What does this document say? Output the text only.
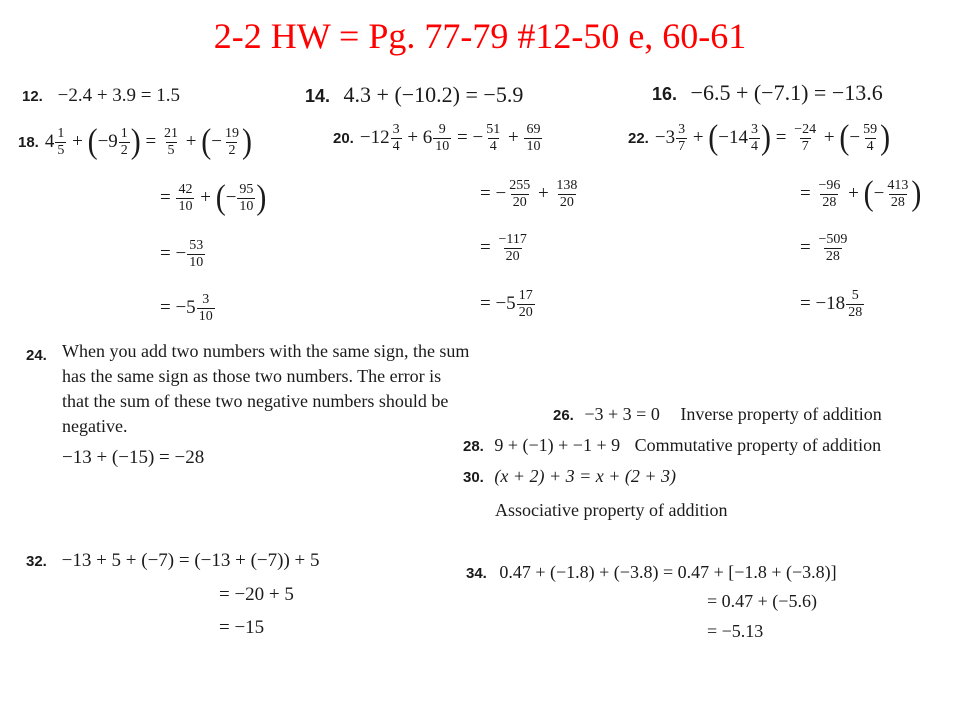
2-2 HW = Pg. 77-79 #12-50 e, 60-61
12. −2.4 + 3.9 = 1.5	14. 4.3 + (−10.2) = −5.9	16. −6.5 + (−7.1) = −13.6
18. $4 \frac{1}{5}$ + ( $-9 \frac{1}{2}$ ) = $\frac{21}{5}$ + ( − $\frac{19}{2}$ )
= $\frac{42}{10}$ + ( − $\frac{95}{10}$ )
= − $\frac{53}{10}$
= $-5 \frac{3}{10}$
20. $-12 \frac{3}{4} + 6 \frac{9}{10}$ = − $\frac{51}{4} + \frac{69}{10}$
= − $\frac{255}{20} + \frac{138}{20}$
= $\frac{-117}{20}$
= $-5 \frac{17}{20}$
22. $-3 \frac{3}{7}$ + ( $-14 \frac{3}{4}$ ) = $\frac{-24}{7}$ + ( − $\frac{59}{4}$ )
= $\frac{-96}{28}$ + ( − $\frac{413}{28}$ )
= $\frac{-509}{28}$
= $-18 \frac{5}{28}$
24. When you add two numbers with the same sign, the sum
has the same sign as those two numbers. The error is
that the sum of these two negative numbers should be
negative.
−13 + (−15) = −28
26. −3 + 3 = 0 Inverse property of addition
28. 9 + (−1) + −1 + 9 Commutative property of addition
30. (x + 2) + 3 = x + (2 + 3)
Associative property of addition
32. −13 + 5 + (−7) = (−13 + (−7)) + 5
= −20 + 5
= −15
34. 0.47 + (−1.8) + (−3.8) = 0.47 + [−1.8 + (−3.8)]
= 0.47 + (−5.6)
= −5.13
